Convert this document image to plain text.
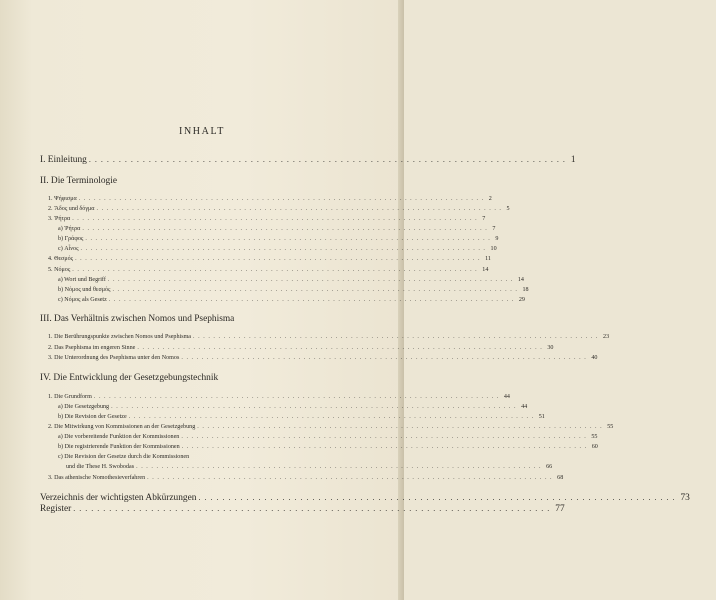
INHALT
I. Einleitung ................................................................................ 1
II. Die Terminologie
1. Ψήφισμα ................................................................................ 2
2. Ἄδος und δόγμα ................................................................................ 5
3. Ῥήτρα ................................................................................ 7
a) Ῥήτρα ................................................................................ 7
b) Γράφος ................................................................................ 9
c) Αἶνος ................................................................................ 10
4. Θεσμός ................................................................................ 11
5. Νόμος ................................................................................ 14
a) Wort und Begriff ................................................................................ 14
b) Νόμος und θεσμός ................................................................................ 18
c) Νόμος als Gesetz ................................................................................ 29
III. Das Verhältnis zwischen Nomos und Psephisma
1. Die Berührungspunkte zwischen Nomos und Psephisma ................................................................................ 23
2. Das Psephisma im engeren Sinne ................................................................................ 30
3. Die Unterordnung des Psephisma unter den Nomos ................................................................................ 40
IV. Die Entwicklung der Gesetzgebungstechnik
1. Die Grundform ................................................................................ 44
a) Die Gesetzgebung ................................................................................ 44
b) Die Revision der Gesetze ................................................................................ 51
2. Die Mitwirkung von Kommissionen an der Gesetzgebung ................................................................................ 55
a) Die vorbereitende Funktion der Kommissionen ................................................................................ 55
b) Die registrierende Funktion der Kommissionen ................................................................................ 60
c) Die Revision der Gesetze durch die Kommissionen
und die These H. Swobodas ................................................................................ 66
3. Das athenische Nomothesieverfahren ................................................................................ 68
Verzeichnis der wichtigsten Abkürzungen ................................................................................ 73
Register ................................................................................ 77
